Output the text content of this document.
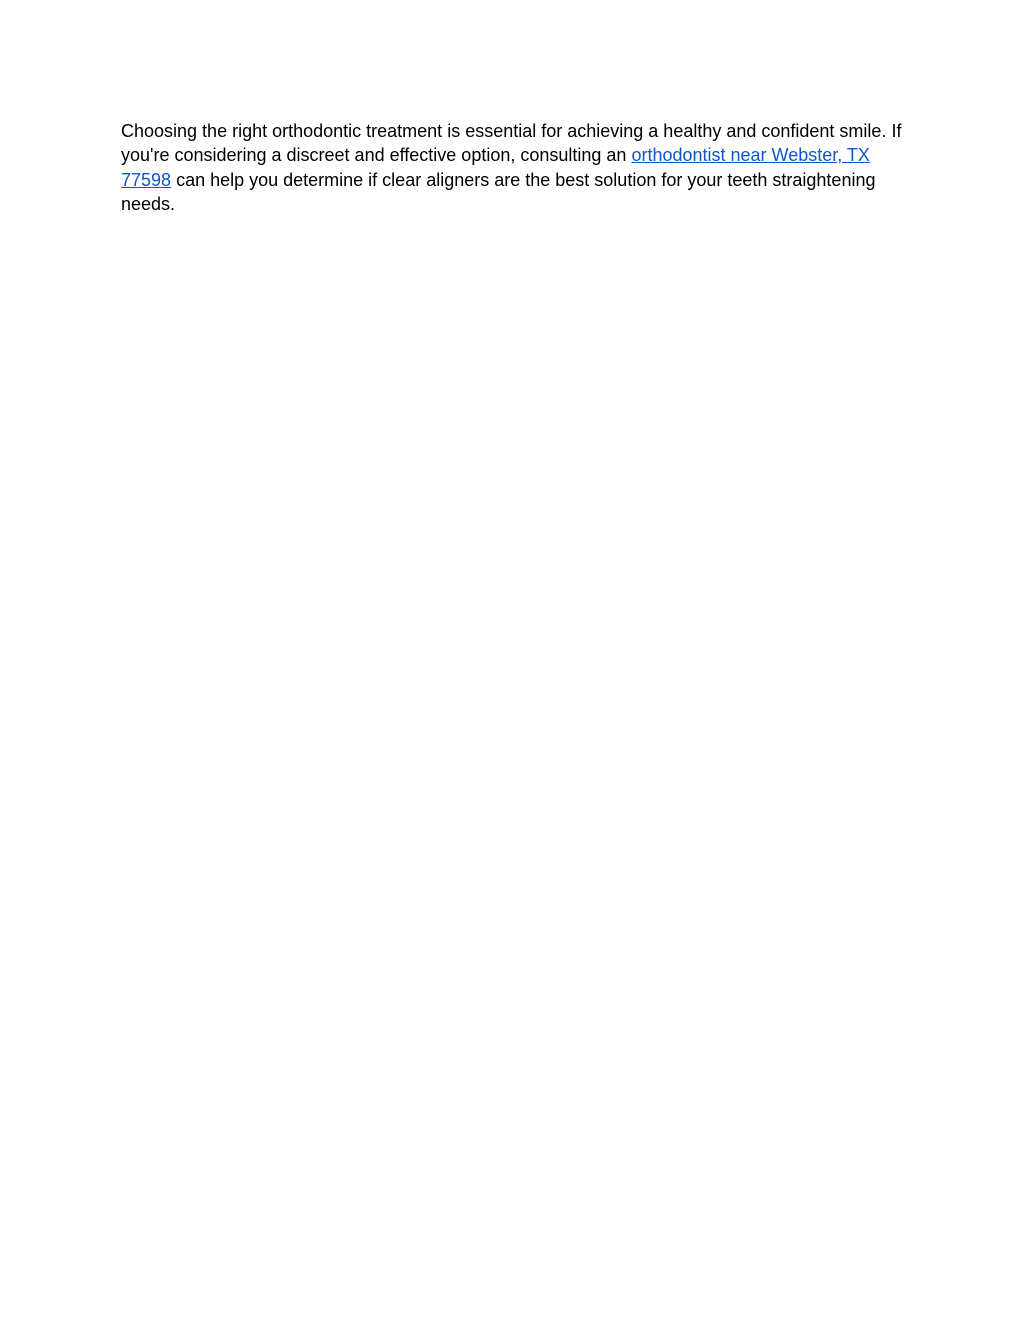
Choosing the right orthodontic treatment is essential for achieving a healthy and confident smile. If you're considering a discreet and effective option, consulting an orthodontist near Webster, TX 77598 can help you determine if clear aligners are the best solution for your teeth straightening needs.
